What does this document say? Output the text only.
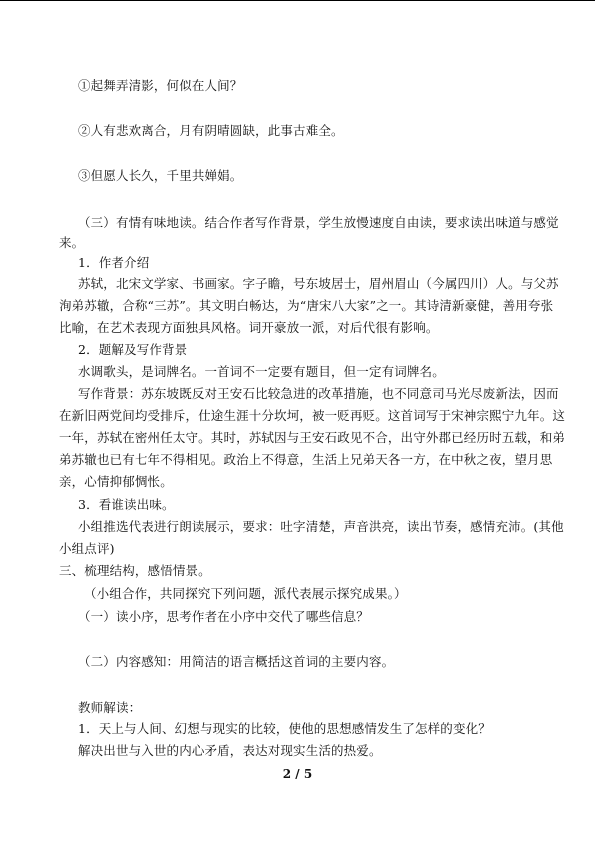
①起舞弄清影，何似在人间？
②人有悲欢离合，月有阴晴圆缺，此事古难全。
③但愿人长久，千里共婵娟。
（三）有情有味地读。结合作者写作背景，学生放慢速度自由读，要求读出味道与感觉
来。
1．作者介绍
苏轼，北宋文学家、书画家。字子瞻，号东坡居士，眉州眉山（今属四川）人。与父苏
洵弟苏辙，合称“三苏”。其文明白畅达，为“唐宋八大家”之一。其诗清新豪健，善用夸张
比喻，在艺术表现方面独具风格。词开豪放一派，对后代很有影响。
2．题解及写作背景
水调歌头，是词牌名。一首词不一定要有题目，但一定有词牌名。
写作背景：苏东坡既反对王安石比较急进的改革措施，也不同意司马光尽废新法，因而
在新旧两党间均受排斥，仕途生涯十分坎坷，被一贬再贬。这首词写于宋神宗熙宁九年。这
一年，苏轼在密州任太守。其时，苏轼因与王安石政见不合，出守外郡已经历时五载，和弟
弟苏辙也已有七年不得相见。政治上不得意，生活上兄弟天各一方，在中秋之夜，望月思
亲，心情抑郁惆怅。
3．看谁读出味。
小组推选代表进行朗读展示，要求：吐字清楚，声音洪亮，读出节奏，感情充沛。(其他
小组点评)
三、梳理结构，感悟情景。
（小组合作，共同探究下列问题，派代表展示探究成果。）
（一）读小序，思考作者在小序中交代了哪些信息？
（二）内容感知：用简洁的语言概括这首词的主要内容。
教师解读：
1．天上与人间、幻想与现实的比较，使他的思想感情发生了怎样的变化？
解决出世与入世的内心矛盾，表达对现实生活的热爱。
2 / 5
